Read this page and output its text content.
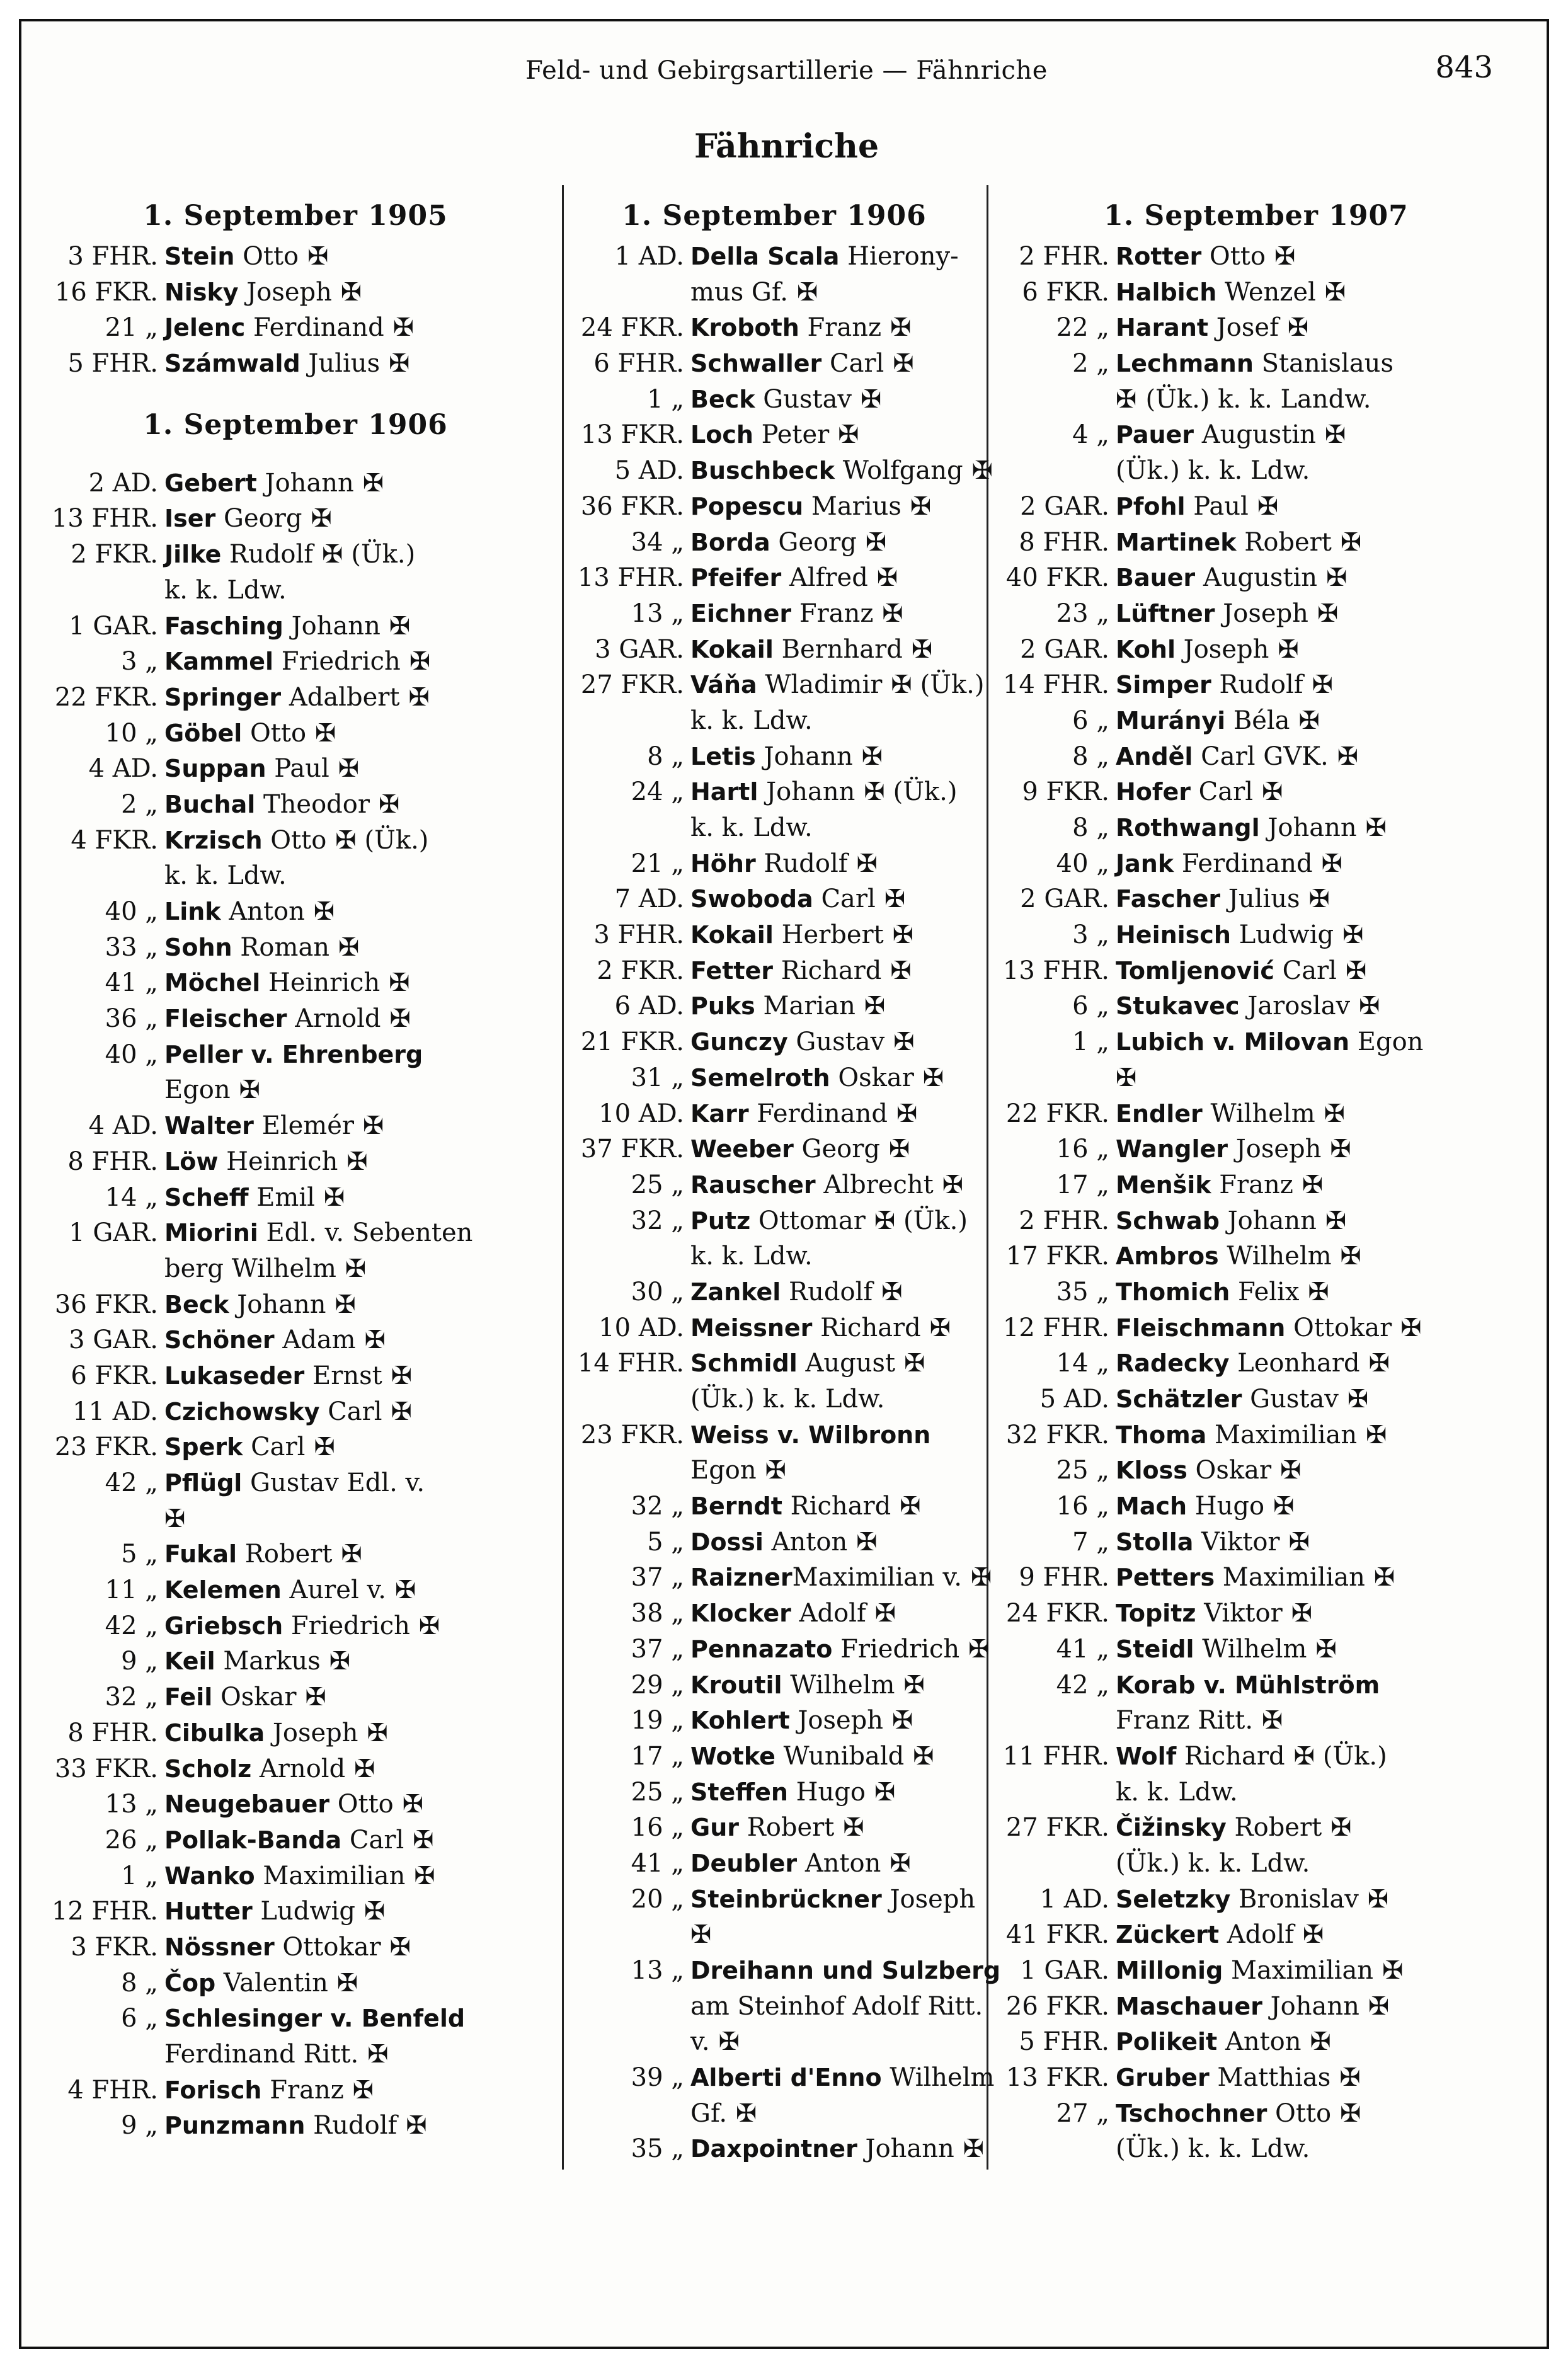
Feld- und Gebirgsartillerie — Fähnriche	843
Fähnriche
1. September 1905
3 FHR. Stein Otto ✠
16 FKR. Nisky Joseph ✠
21 „ Jelenc Ferdinand ✠
5 FHR. Számwald Julius ✠
1. September 1906
2 AD. Gebert Johann ✠
13 FHR. Iser Georg ✠
2 FKR. Jilke Rudolf ✠ (Ük.)
k. k. Ldw.
1 GAR. Fasching Johann ✠
3 „ Kammel Friedrich ✠
22 FKR. Springer Adalbert ✠
10 „ Göbel Otto ✠
4 AD. Suppan Paul ✠
2 „ Buchal Theodor ✠
4 FKR. Krzisch Otto ✠ (Ük.)
k. k. Ldw.
40 „ Link Anton ✠
33 „ Sohn Roman ✠
41 „ Möchel Heinrich ✠
36 „ Fleischer Arnold ✠
40 „ Peller v. Ehrenberg
Egon ✠
4 AD. Walter Elemér ✠
8 FHR. Löw Heinrich ✠
14 „ Scheff Emil ✠
1 GAR. Miorini Edl. v. Sebenten
berg Wilhelm ✠
36 FKR. Beck Johann ✠
3 GAR. Schöner Adam ✠
6 FKR. Lukaseder Ernst ✠
11 AD. Czichowsky Carl ✠
23 FKR. Sperk Carl ✠
42 „ Pflügl Gustav Edl. v.
✠
5 „ Fukal Robert ✠
11 „ Kelemen Aurel v. ✠
42 „ Griebsch Friedrich ✠
9 „ Keil Markus ✠
32 „ Feil Oskar ✠
8 FHR. Cibulka Joseph ✠
33 FKR. Scholz Arnold ✠
13 „ Neugebauer Otto ✠
26 „ Pollak-Banda Carl ✠
1 „ Wanko Maximilian ✠
12 FHR. Hutter Ludwig ✠
3 FKR. Nössner Ottokar ✠
8 „ Čop Valentin ✠
6 „ Schlesinger v. Benfeld
Ferdinand Ritt. ✠
4 FHR. Forisch Franz ✠
9 „ Punzmann Rudolf ✠
1. September 1906
1 AD. Della Scala Hierony-
mus Gf. ✠
24 FKR. Kroboth Franz ✠
6 FHR. Schwaller Carl ✠
1 „ Beck Gustav ✠
13 FKR. Loch Peter ✠
5 AD. Buschbeck Wolfgang ✠
36 FKR. Popescu Marius ✠
34 „ Borda Georg ✠
13 FHR. Pfeifer Alfred ✠
13 „ Eichner Franz ✠
3 GAR. Kokail Bernhard ✠
27 FKR. Váňa Wladimir ✠ (Ük.)
k. k. Ldw.
8 „ Letis Johann ✠
24 „ Hartl Johann ✠ (Ük.)
k. k. Ldw.
21 „ Höhr Rudolf ✠
7 AD. Swoboda Carl ✠
3 FHR. Kokail Herbert ✠
2 FKR. Fetter Richard ✠
6 AD. Puks Marian ✠
21 FKR. Gunczy Gustav ✠
31 „ Semelroth Oskar ✠
10 AD. Karr Ferdinand ✠
37 FKR. Weeber Georg ✠
25 „ Rauscher Albrecht ✠
32 „ Putz Ottomar ✠ (Ük.)
k. k. Ldw.
30 „ Zankel Rudolf ✠
10 AD. Meissner Richard ✠
14 FHR. Schmidl August ✠
(Ük.) k. k. Ldw.
23 FKR. Weiss v. Wilbronn
Egon ✠
32 „ Berndt Richard ✠
5 „ Dossi Anton ✠
37 „ RaiznerMaximilian v. ✠
38 „ Klocker Adolf ✠
37 „ Pennazato Friedrich ✠
29 „ Kroutil Wilhelm ✠
19 „ Kohlert Joseph ✠
17 „ Wotke Wunibald ✠
25 „ Steffen Hugo ✠
16 „ Gur Robert ✠
41 „ Deubler Anton ✠
20 „ Steinbrückner Joseph
✠
13 „ Dreihann und Sulzberg
am Steinhof Adolf Ritt.
v. ✠
39 „ Alberti d'Enno Wilhelm
Gf. ✠
35 „ Daxpointner Johann ✠
1. September 1907
2 FHR. Rotter Otto ✠
6 FKR. Halbich Wenzel ✠
22 „ Harant Josef ✠
2 „ Lechmann Stanislaus
✠ (Ük.) k. k. Landw.
4 „ Pauer Augustin ✠
(Ük.) k. k. Ldw.
2 GAR. Pfohl Paul ✠
8 FHR. Martinek Robert ✠
40 FKR. Bauer Augustin ✠
23 „ Lüftner Joseph ✠
2 GAR. Kohl Joseph ✠
14 FHR. Simper Rudolf ✠
6 „ Murányi Béla ✠
8 „ Anděl Carl GVK. ✠
9 FKR. Hofer Carl ✠
8 „ Rothwangl Johann ✠
40 „ Jank Ferdinand ✠
2 GAR. Fascher Julius ✠
3 „ Heinisch Ludwig ✠
13 FHR. Tomljenović Carl ✠
6 „ Stukavec Jaroslav ✠
1 „ Lubich v. Milovan Egon
✠
22 FKR. Endler Wilhelm ✠
16 „ Wangler Joseph ✠
17 „ Menšik Franz ✠
2 FHR. Schwab Johann ✠
17 FKR. Ambros Wilhelm ✠
35 „ Thomich Felix ✠
12 FHR. Fleischmann Ottokar ✠
14 „ Radecky Leonhard ✠
5 AD. Schätzler Gustav ✠
32 FKR. Thoma Maximilian ✠
25 „ Kloss Oskar ✠
16 „ Mach Hugo ✠
7 „ Stolla Viktor ✠
9 FHR. Petters Maximilian ✠
24 FKR. Topitz Viktor ✠
41 „ Steidl Wilhelm ✠
42 „ Korab v. Mühlström
Franz Ritt. ✠
11 FHR. Wolf Richard ✠ (Ük.)
k. k. Ldw.
27 FKR. Čižinsky Robert ✠
(Ük.) k. k. Ldw.
1 AD. Seletzky Bronislav ✠
41 FKR. Zückert Adolf ✠
1 GAR. Millonig Maximilian ✠
26 FKR. Maschauer Johann ✠
5 FHR. Polikeit Anton ✠
13 FKR. Gruber Matthias ✠
27 „ Tschochner Otto ✠
(Ük.) k. k. Ldw.
